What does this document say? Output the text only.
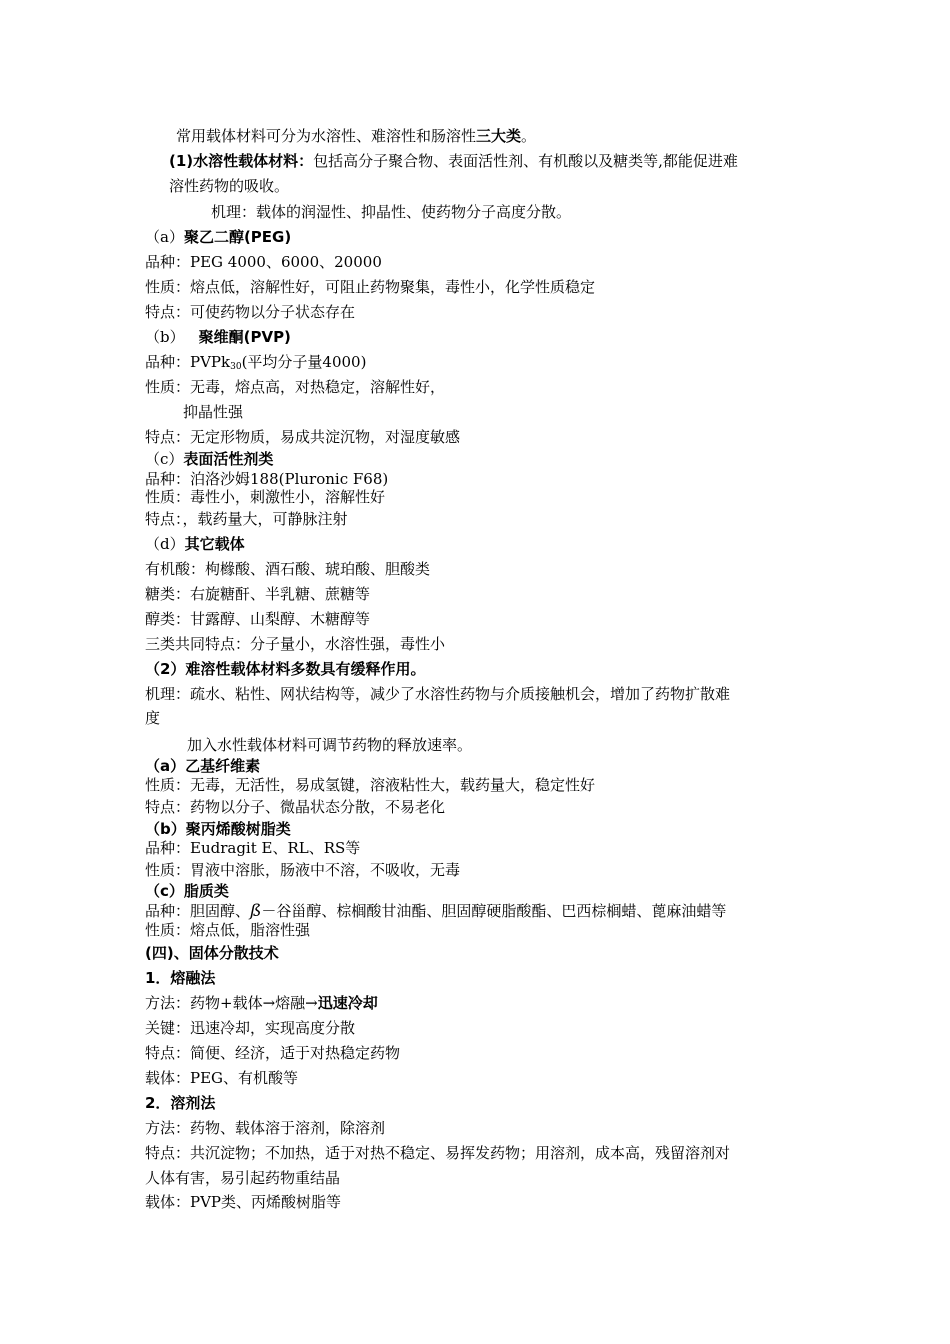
常用载体材料可分为水溶性、难溶性和肠溶性三大类。
(1)水溶性载体材料：包括高分子聚合物、表面活性剂、有机酸以及糖类等,都能促进难
溶性药物的吸收。
机理：载体的润湿性、抑晶性、使药物分子高度分散。
（a）聚乙二醇(PEG)
品种：PEG 4000、6000、20000
性质：熔点低，溶解性好，可阻止药物聚集，毒性小，化学性质稳定
特点：可使药物以分子状态存在
（b） 聚维酮(PVP)
品种：PVPk$_{30}$(平均分子量4000)
性质：无毒，熔点高，对热稳定，溶解性好，
抑晶性强
特点：无定形物质，易成共淀沉物，对湿度敏感
（c）表面活性剂类
品种：泊洛沙姆188(Pluronic F68)
性质：毒性小，刺激性小，溶解性好
特点：，载药量大，可静脉注射
（d）其它载体
有机酸：枸橼酸、酒石酸、琥珀酸、胆酸类
糖类：右旋糖酐、半乳糖、蔗糖等
醇类：甘露醇、山梨醇、木糖醇等
三类共同特点：分子量小，水溶性强，毒性小
（2）难溶性载体材料多数具有缓释作用。
机理：疏水、粘性、网状结构等，减少了水溶性药物与介质接触机会，增加了药物扩散难
度
加入水性载体材料可调节药物的释放速率。
（a）乙基纤维素
性质：无毒，无活性，易成氢键，溶液粘性大，载药量大，稳定性好
特点：药物以分子、微晶状态分散，不易老化
（b）聚丙烯酸树脂类
品种：Eudragit E、RL、RS等
性质：胃液中溶胀，肠液中不溶，不吸收，无毒
（c）脂质类
品种：胆固醇、ß－谷甾醇、棕榈酸甘油酯、胆固醇硬脂酸酯、巴西棕榈蜡、蓖麻油蜡等
性质：熔点低，脂溶性强
(四)、固体分散技术
1．熔融法
方法：药物+载体→熔融→迅速冷却
关键：迅速冷却，实现高度分散
特点：简便、经济，适于对热稳定药物
载体：PEG、有机酸等
2．溶剂法
方法：药物、载体溶于溶剂，除溶剂
特点：共沉淀物；不加热，适于对热不稳定、易挥发药物；用溶剂，成本高，残留溶剂对
人体有害，易引起药物重结晶
载体：PVP类、丙烯酸树脂等
